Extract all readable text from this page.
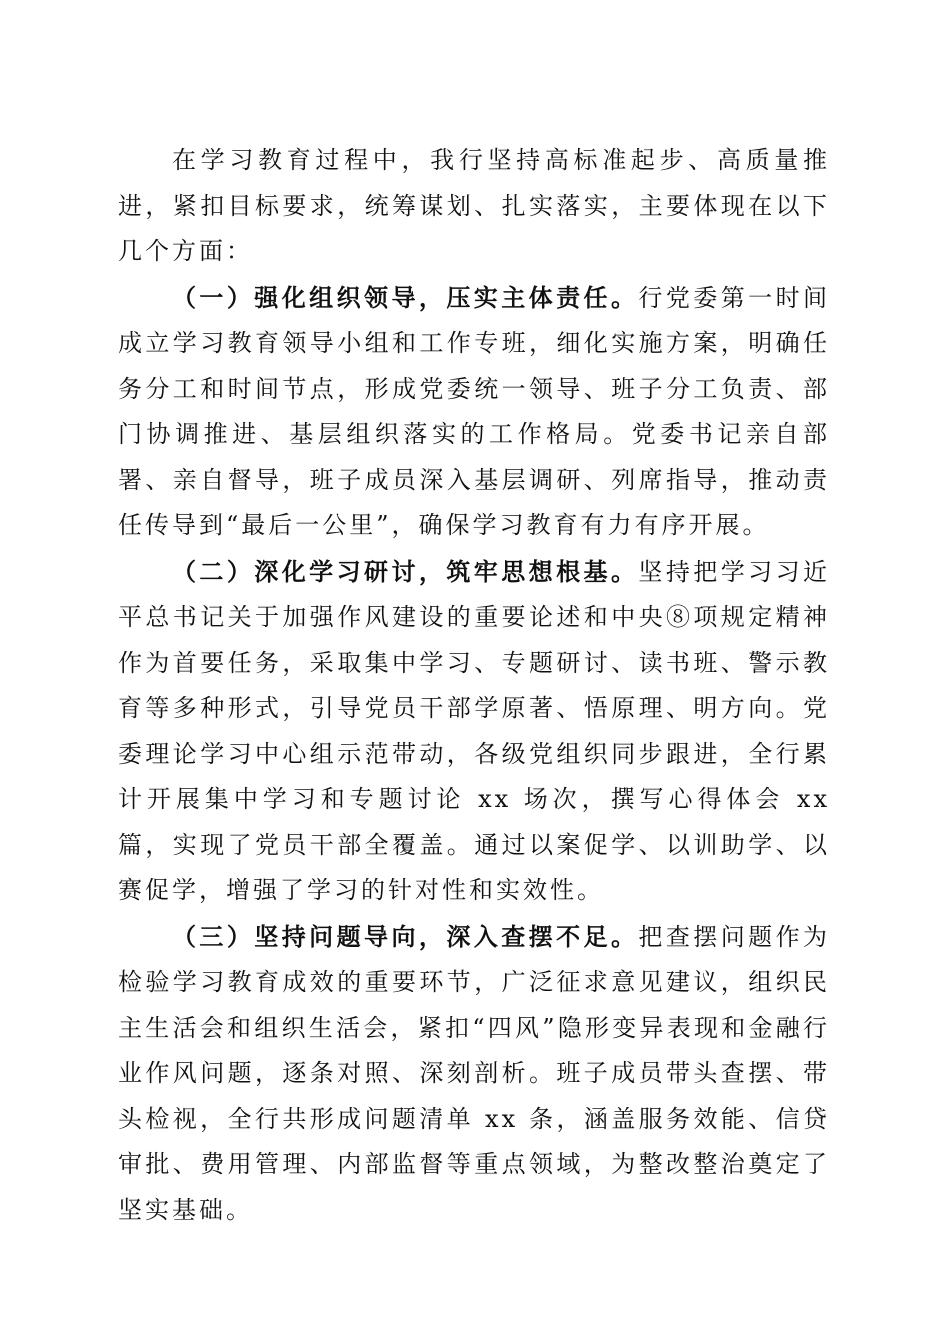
在学习教育过程中，我行坚持高标准起步、高质量推进，紧扣目标要求，统筹谋划、扎实落实，主要体现在以下几个方面：

（一）强化组织领导，压实主体责任。行党委第一时间成立学习教育领导小组和工作专班，细化实施方案，明确任务分工和时间节点，形成党委统一领导、班子分工负责、部门协调推进、基层组织落实的工作格局。党委书记亲自部署、亲自督导，班子成员深入基层调研、列席指导，推动责任传导到“最后一公里”，确保学习教育有力有序开展。

（二）深化学习研讨，筑牢思想根基。坚持把学习习近平总书记关于加强作风建设的重要论述和中央⑧项规定精神作为首要任务，采取集中学习、专题研讨、读书班、警示教育等多种形式，引导党员干部学原著、悟原理、明方向。党委理论学习中心组示范带动，各级党组织同步跟进，全行累计开展集中学习和专题讨论 xx 场次，撰写心得体会 xx 篇，实现了党员干部全覆盖。通过以案促学、以训助学、以赛促学，增强了学习的针对性和实效性。

（三）坚持问题导向，深入查摆不足。把查摆问题作为检验学习教育成效的重要环节，广泛征求意见建议，组织民主生活会和组织生活会，紧扣“四风”隐形变异表现和金融行业作风问题，逐条对照、深刻剖析。班子成员带头查摆、带头检视，全行共形成问题清单 xx 条，涵盖服务效能、信贷审批、费用管理、内部监督等重点领域，为整改整治奠定了坚实基础。
